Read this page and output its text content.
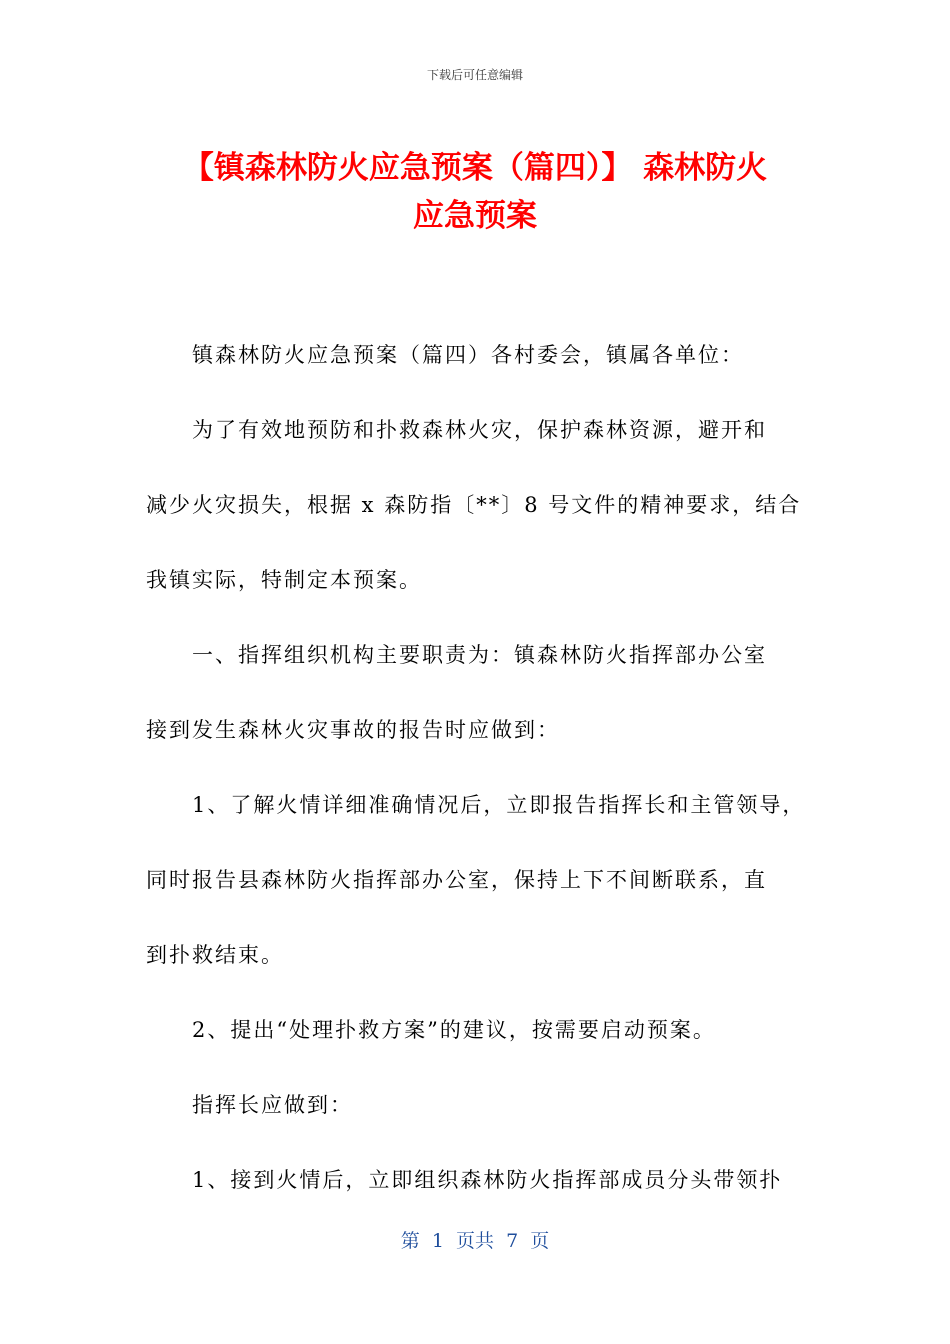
下载后可任意编辑
【镇森林防火应急预案（篇四）】 森林防火
应急预案

镇森林防火应急预案（篇四）各村委会，镇属各单位：

为了有效地预防和扑救森林火灾，保护森林资源，避开和

减少火灾损失，根据 x 森防指〔**〕8 号文件的精神要求，结合

我镇实际，特制定本预案。

一、指挥组织机构主要职责为：镇森林防火指挥部办公室

接到发生森林火灾事故的报告时应做到：

1、了解火情详细准确情况后，立即报告指挥长和主管领导，

同时报告县森林防火指挥部办公室，保持上下不间断联系，直

到扑救结束。

2、提出“处理扑救方案”的建议，按需要启动预案。

指挥长应做到：

1、接到火情后，立即组织森林防火指挥部成员分头带领扑

第  1  页共  7  页
